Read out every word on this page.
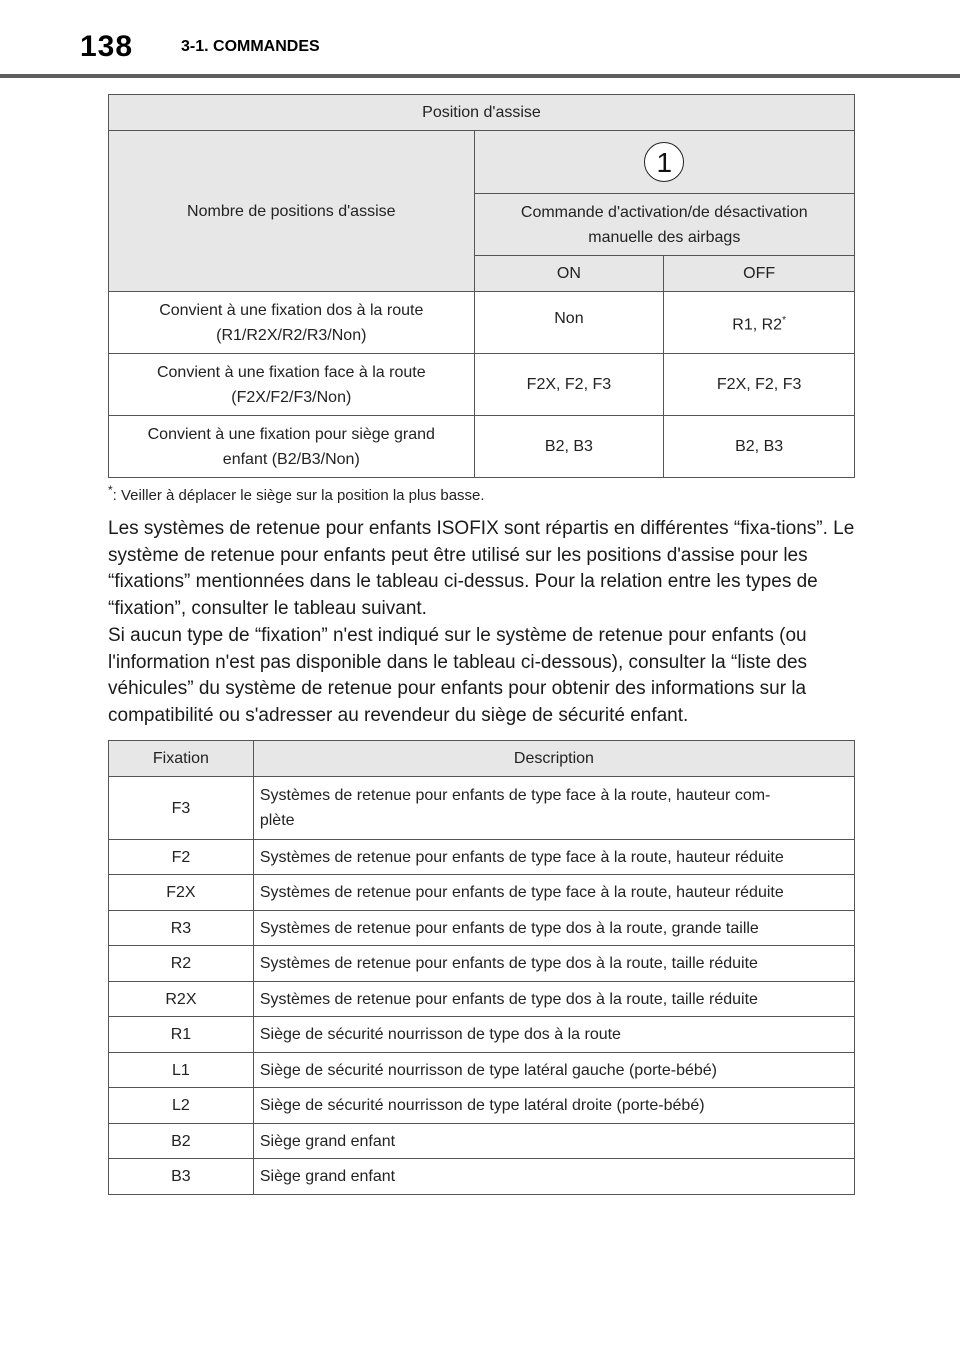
138	3-1. COMMANDES
Position d'assise		
Nombre de positions d'assise	1	

	Commande d'activation/de désactivation
manuelle des airbags	

	ON	OFF

Convient à une fixation dos à la route
(R1/R2X/R2/R3/Non)	Non	R1, R2*

Convient à une fixation face à la route
(F2X/F2/F3/Non)	F2X, F2, F3	F2X, F2, F3

Convient à une fixation pour siège grand
enfant (B2/B3/Non)	B2, B3	B2, B3
*: Veiller à déplacer le siège sur la position la plus basse.

Les systèmes de retenue pour enfants ISOFIX sont répartis en différentes “fixa-tions”. Le système de retenue pour enfants peut être utilisé sur les positions d'assise pour les “fixations” mentionnées dans le tableau ci-dessus. Pour la relation entre les types de “fixation”, consulter le tableau suivant.

Si aucun type de “fixation” n'est indiqué sur le système de retenue pour enfants (ou l'information n'est pas disponible dans le tableau ci-dessous), consulter la “liste des véhicules” du système de retenue pour enfants pour obtenir des informations sur la compatibilité ou s'adresser au revendeur du siège de sécurité enfant.

Fixation	Description
F3	Systèmes de retenue pour enfants de type face à la route, hauteur com-
plète

F2	Systèmes de retenue pour enfants de type face à la route, hauteur réduite
F2X	Systèmes de retenue pour enfants de type face à la route, hauteur réduite
R3	Systèmes de retenue pour enfants de type dos à la route, grande taille
R2	Systèmes de retenue pour enfants de type dos à la route, taille réduite
R2X	Systèmes de retenue pour enfants de type dos à la route, taille réduite
R1	Siège de sécurité nourrisson de type dos à la route
L1	Siège de sécurité nourrisson de type latéral gauche (porte-bébé)
L2	Siège de sécurité nourrisson de type latéral droite (porte-bébé)
B2	Siège grand enfant
B3	Siège grand enfant
